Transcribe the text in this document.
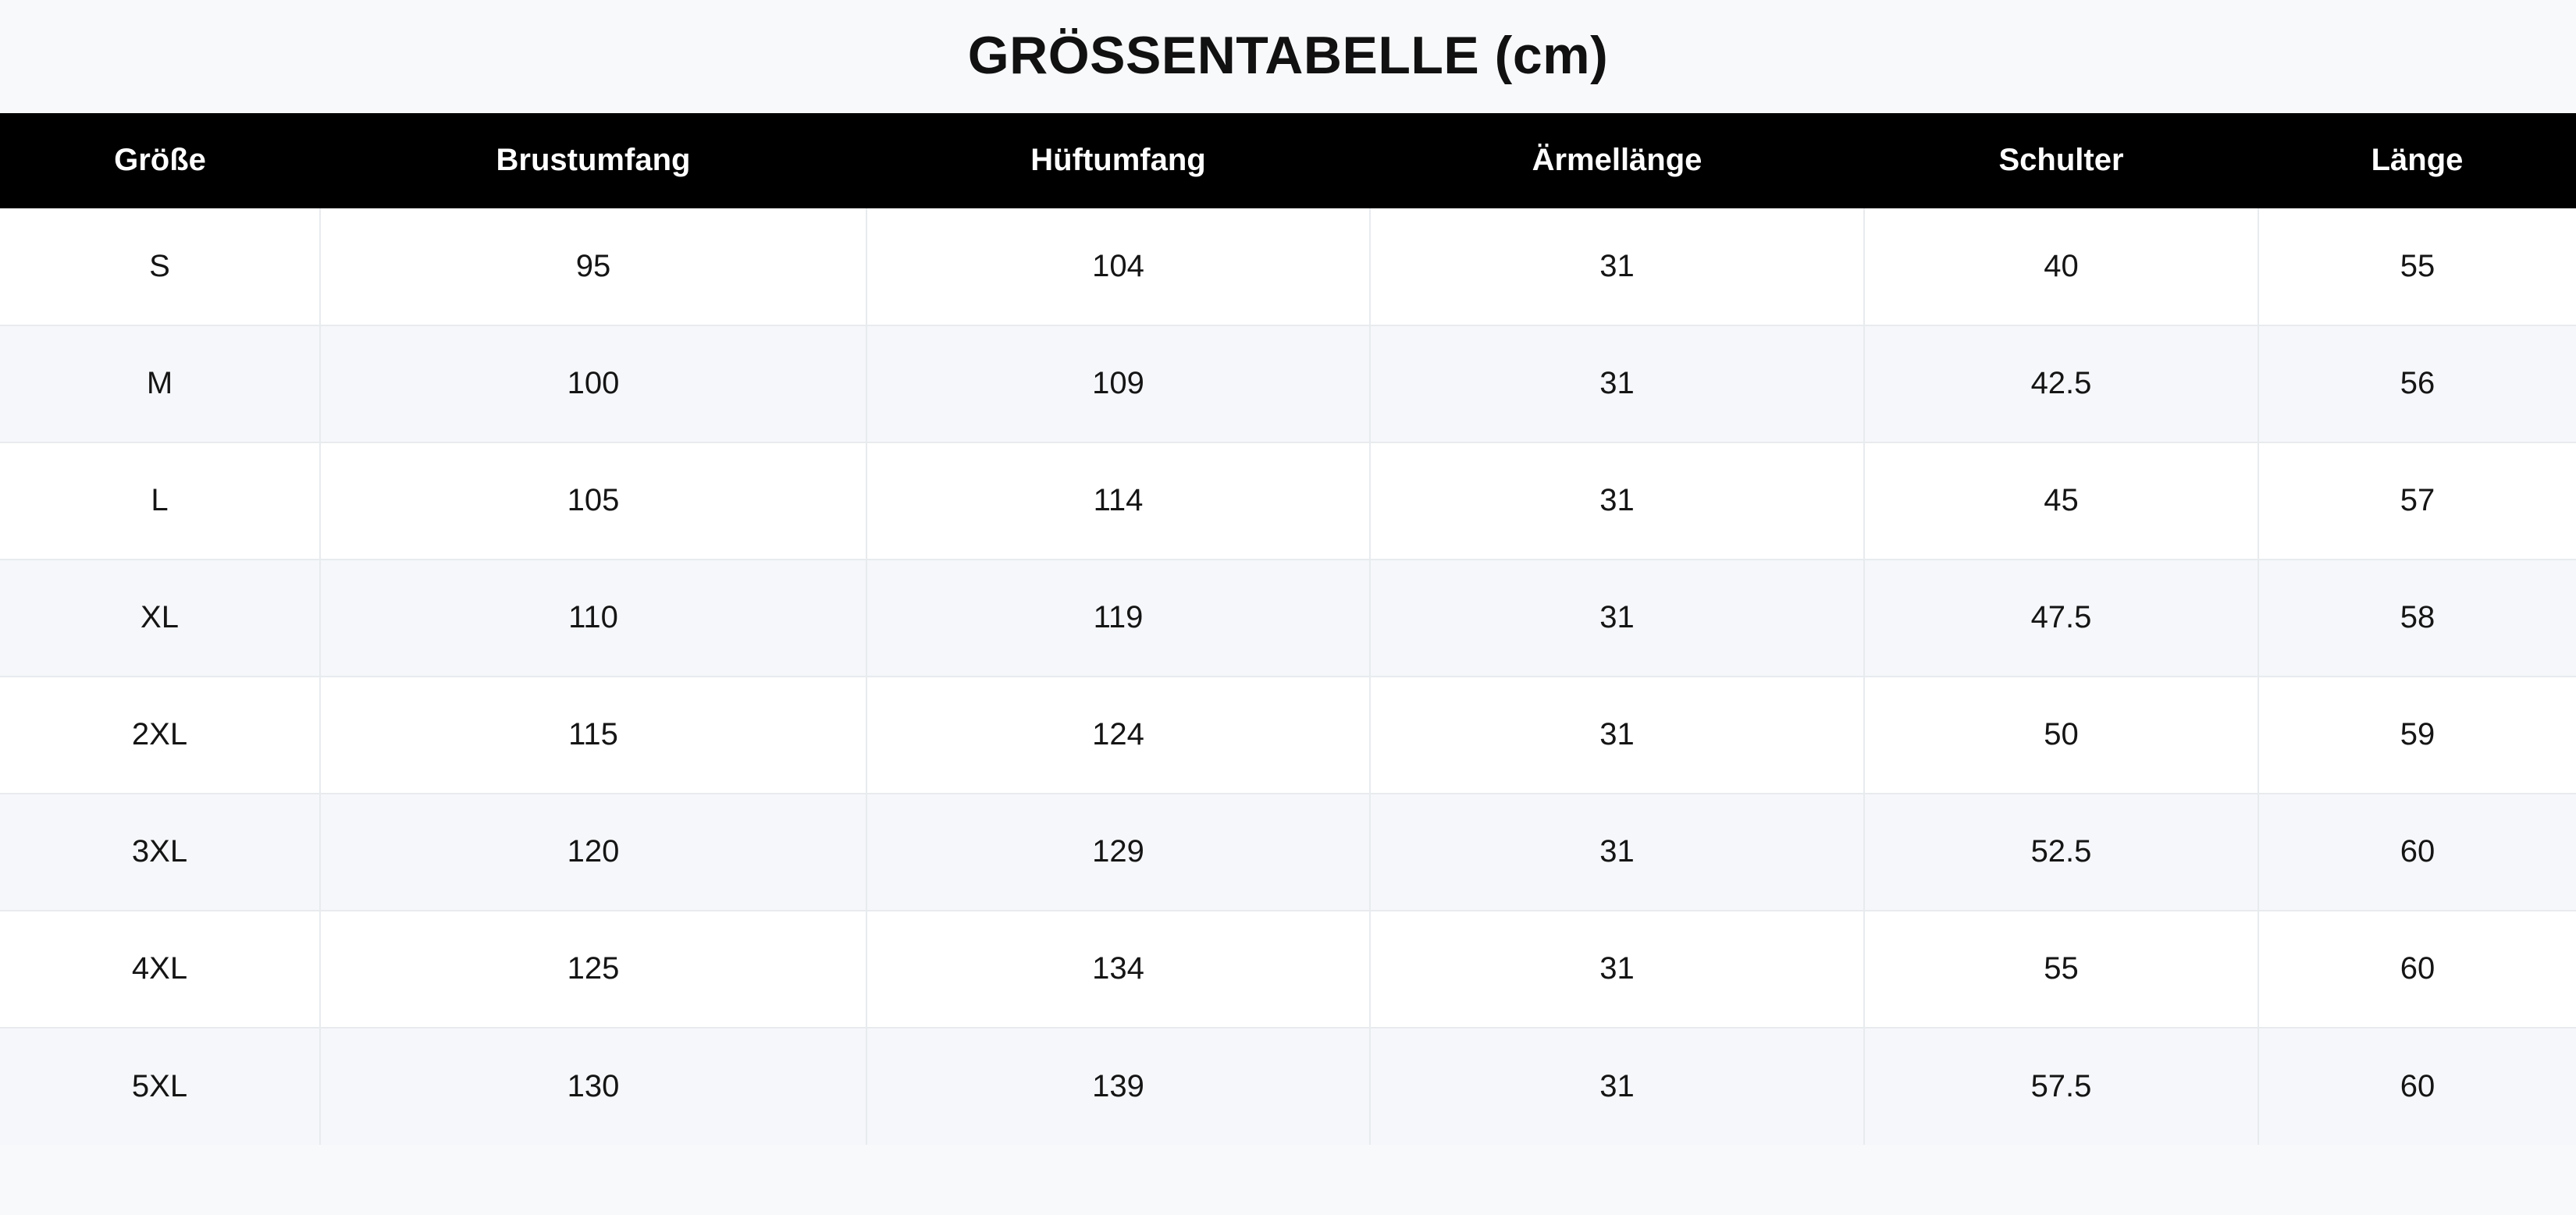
GRÖSSENTABELLE (cm)
Größe	Brustumfang	Hüftumfang	Ärmellänge	Schulter	Länge
S	95	104	31	40	55
M	100	109	31	42.5	56
L	105	114	31	45	57
XL	110	119	31	47.5	58
2XL	115	124	31	50	59
3XL	120	129	31	52.5	60
4XL	125	134	31	55	60
5XL	130	139	31	57.5	60
